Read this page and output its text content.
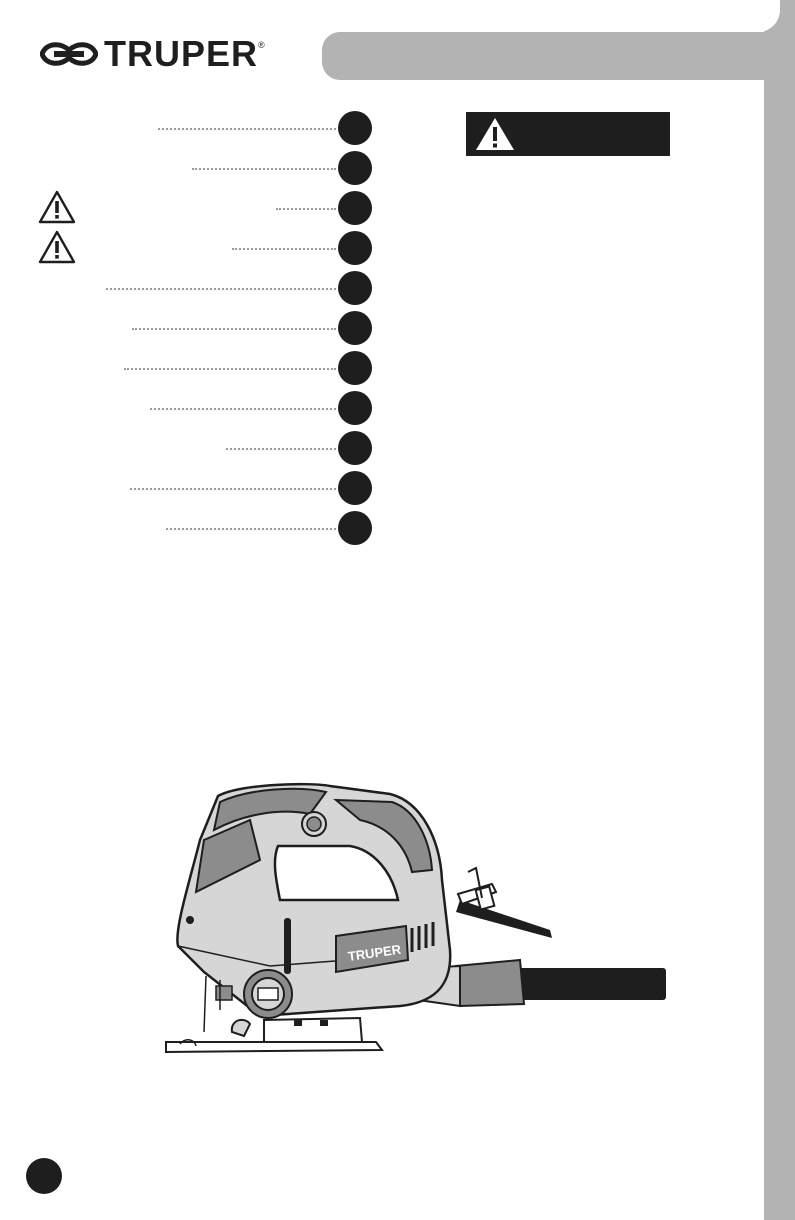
TRUPER ®
TRUPER
